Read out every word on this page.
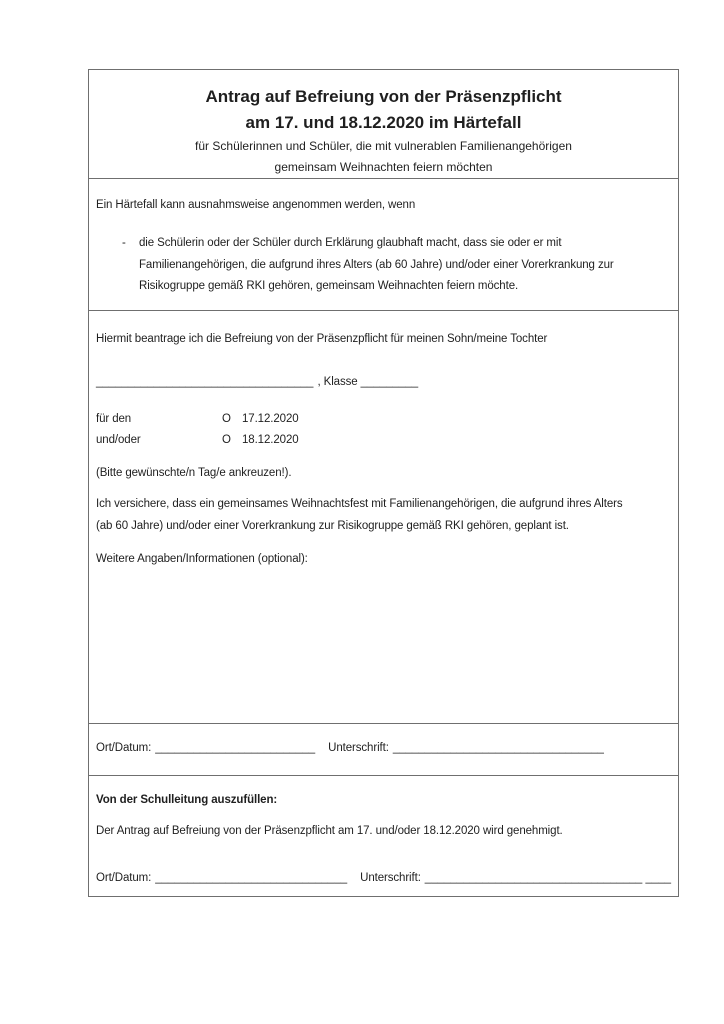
Antrag auf Befreiung von der Präsenzpflicht
am 17. und 18.12.2020 im Härtefall
für Schülerinnen und Schüler, die mit vulnerablen Familienangehörigen
gemeinsam Weihnachten feiern möchten
Ein Härtefall kann ausnahmsweise angenommen werden, wenn
-	die Schülerin oder der Schüler durch Erklärung glaubhaft macht, dass sie oder er mit
Familienangehörigen, die aufgrund ihres Alters (ab 60 Jahre) und/oder einer Vorerkrankung zur
Risikogruppe gemäß RKI gehören, gemeinsam Weihnachten feiern möchte.
Hiermit beantrage ich die Befreiung von der Präsenzpflicht für meinen Sohn/meine Tochter
__________________________________ , Klasse _________
für den	O 17.12.2020
und/oder	O 18.12.2020
(Bitte gewünschte/n Tag/e ankreuzen!).
Ich versichere, dass ein gemeinsames Weihnachtsfest mit Familienangehörigen, die aufgrund ihres Alters
(ab 60 Jahre) und/oder einer Vorerkrankung zur Risikogruppe gemäß RKI gehören, geplant ist.
Weitere Angaben/Informationen (optional):
Ort/Datum: _________________________ Unterschrift: _________________________________
Von der Schulleitung auszufüllen:
Der Antrag auf Befreiung von der Präsenzpflicht am 17. und/oder 18.12.2020 wird genehmigt.
Ort/Datum: ______________________________ Unterschrift: __________________________________ ____
